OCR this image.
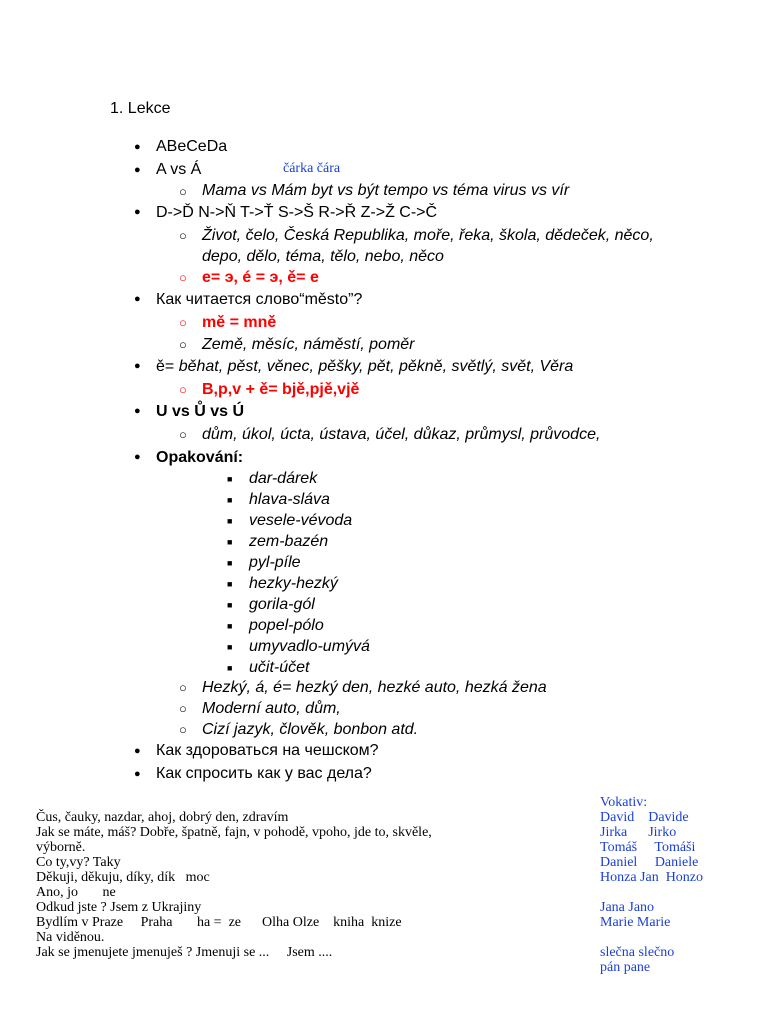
1. Lekce
● ABeCeDa
● A vs Á	čárka čára
○ Mama vs Mám byt vs být tempo vs téma virus vs vír
● D->Ď N->Ň T->Ť S->Š R->Ř Z->Ž C->Č
○ Život, čelo, Česká Republika, moře, řeka, škola, dědeček, něco,
depo, dělo, téma, tělo, nebo, něco
○ e= э, é = э, ě= е
● Как читается слово“město”?
○ mě = mně
○ Země, měsíc, náměstí, poměr
● ě= běhat, pěst, věnec, pěšky, pět, pěkně, světlý, svět, Věra
○ B,p,v + ě= bjě,pjě,vjě
● U vs Ů vs Ú
○ dům, úkol, úcta, ústava, účel, důkaz, průmysl, průvodce,
● Opakování:
■ dar-dárek
■ hlava-sláva
■ vesele-vévoda
■ zem-bazén
■ pyl-píle
■ hezky-hezký
■ gorila-gól
■ popel-pólo
■ umyvadlo-umývá
■ učit-účet
○ Hezký, á, é= hezký den, hezké auto, hezká žena
○ Moderní auto, dům,
○ Cizí jazyk, člověk, bonbon atd.
● Как здороваться на чешском?
● Как спросить как у вас дела?
Čus, čauky, nazdar, ahoj, dobrý den, zdravím
Jak se máte, máš? Dobře, špatně, fajn, v pohodě, vpoho, jde to, skvěle,
výborně.
Co ty,vy? Taky
Děkuji, děkuju, díky, dík   moc
Ano, jo       ne
Odkud jste ? Jsem z Ukrajiny
Bydlím v Praze     Praha       ha =  ze      Olha Olze    kniha  knize
Na viděnou.
Jak se jmenujete jmenuješ ? Jmenuji se ...     Jsem ....
Vokativ:
David    Davide
Jirka      Jirko
Tomáš     Tomáši
Daniel     Daniele
Honza Jan  Honzo
Jana Jano
Marie Marie
slečna slečno
pán pane
